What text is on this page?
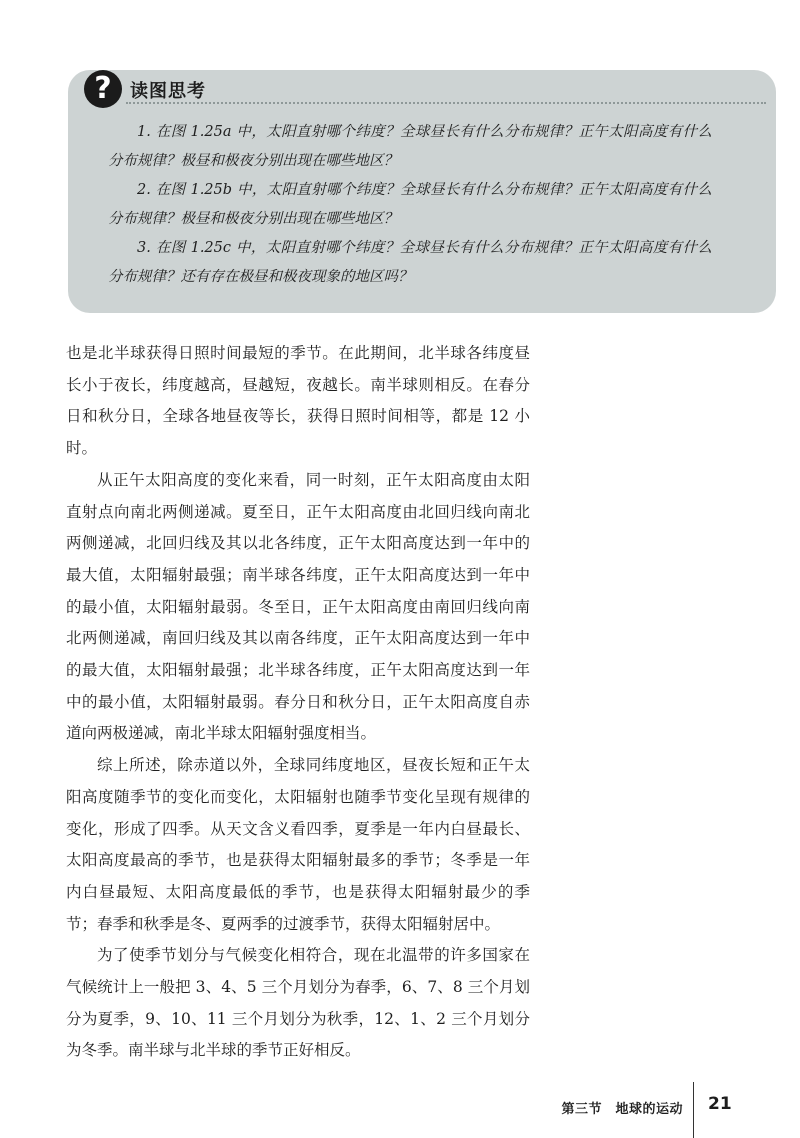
?	读图思考

1. 在图 1.25a 中，太阳直射哪个纬度？全球昼长有什么分布规律？正午太阳高度有什么分布规律？极昼和极夜分别出现在哪些地区？

2. 在图 1.25b 中，太阳直射哪个纬度？全球昼长有什么分布规律？正午太阳高度有什么分布规律？极昼和极夜分别出现在哪些地区？

3. 在图 1.25c 中，太阳直射哪个纬度？全球昼长有什么分布规律？正午太阳高度有什么分布规律？还有存在极昼和极夜现象的地区吗？

也是北半球获得日照时间最短的季节。在此期间，北半球各纬度昼长小于夜长，纬度越高，昼越短，夜越长。南半球则相反。在春分日和秋分日，全球各地昼夜等长，获得日照时间相等，都是 12 小时。

从正午太阳高度的变化来看，同一时刻，正午太阳高度由太阳直射点向南北两侧递减。夏至日，正午太阳高度由北回归线向南北两侧递减，北回归线及其以北各纬度，正午太阳高度达到一年中的最大值，太阳辐射最强；南半球各纬度，正午太阳高度达到一年中的最小值，太阳辐射最弱。冬至日，正午太阳高度由南回归线向南北两侧递减，南回归线及其以南各纬度，正午太阳高度达到一年中的最大值，太阳辐射最强；北半球各纬度，正午太阳高度达到一年中的最小值，太阳辐射最弱。春分日和秋分日，正午太阳高度自赤道向两极递减，南北半球太阳辐射强度相当。

综上所述，除赤道以外，全球同纬度地区，昼夜长短和正午太阳高度随季节的变化而变化，太阳辐射也随季节变化呈现有规律的变化，形成了四季。从天文含义看四季，夏季是一年内白昼最长、太阳高度最高的季节，也是获得太阳辐射最多的季节；冬季是一年内白昼最短、太阳高度最低的季节，也是获得太阳辐射最少的季节；春季和秋季是冬、夏两季的过渡季节，获得太阳辐射居中。

为了使季节划分与气候变化相符合，现在北温带的许多国家在气候统计上一般把 3、4、5 三个月划分为春季，6、7、8 三个月划分为夏季，9、10、11 三个月划分为秋季，12、1、2 三个月划分为冬季。南半球与北半球的季节正好相反。

第三节　地球的运动 21
